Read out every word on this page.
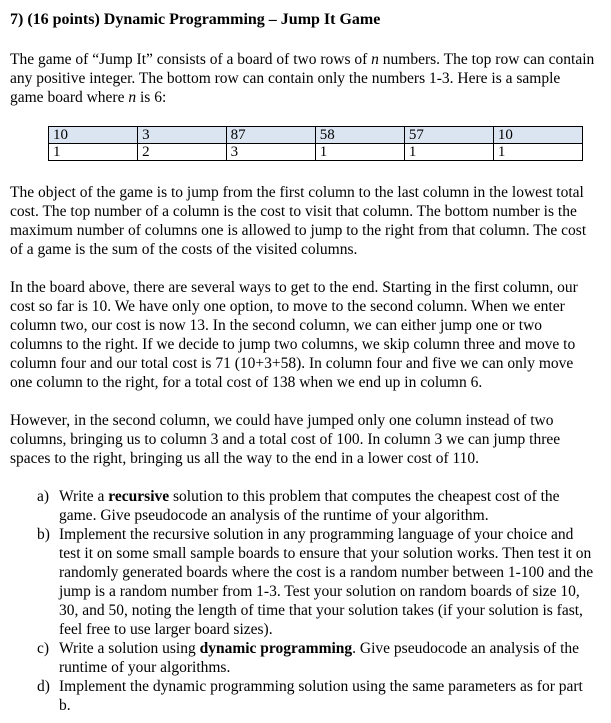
7) (16 points) Dynamic Programming – Jump It Game

The game of “Jump It” consists of a board of two rows of n numbers. The top row can contain any positive integer. The bottom row can contain only the numbers 1-3. Here is a sample game board where n is 6:

10	3	87	58	57	10
1	2	3	1	1	1

The object of the game is to jump from the first column to the last column in the lowest total cost. The top number of a column is the cost to visit that column. The bottom number is the maximum number of columns one is allowed to jump to the right from that column. The cost of a game is the sum of the costs of the visited columns.

In the board above, there are several ways to get to the end. Starting in the first column, our cost so far is 10. We have only one option, to move to the second column. When we enter column two, our cost is now 13. In the second column, we can either jump one or two columns to the right. If we decide to jump two columns, we skip column three and move to column four and our total cost is 71 (10+3+58). In column four and five we can only move one column to the right, for a total cost of 138 when we end up in column 6.

However, in the second column, we could have jumped only one column instead of two columns, bringing us to column 3 and a total cost of 100. In column 3 we can jump three spaces to the right, bringing us all the way to the end in a lower cost of 110.

a) Write a recursive solution to this problem that computes the cheapest cost of the game. Give pseudocode an analysis of the runtime of your algorithm.
b) Implement the recursive solution in any programming language of your choice and test it on some small sample boards to ensure that your solution works. Then test it on randomly generated boards where the cost is a random number between 1-100 and the jump is a random number from 1-3. Test your solution on random boards of size 10, 30, and 50, noting the length of time that your solution takes (if your solution is fast, feel free to use larger board sizes).
c) Write a solution using dynamic programming. Give pseudocode an analysis of the runtime of your algorithms.
d) Implement the dynamic programming solution using the same parameters as for part b.
